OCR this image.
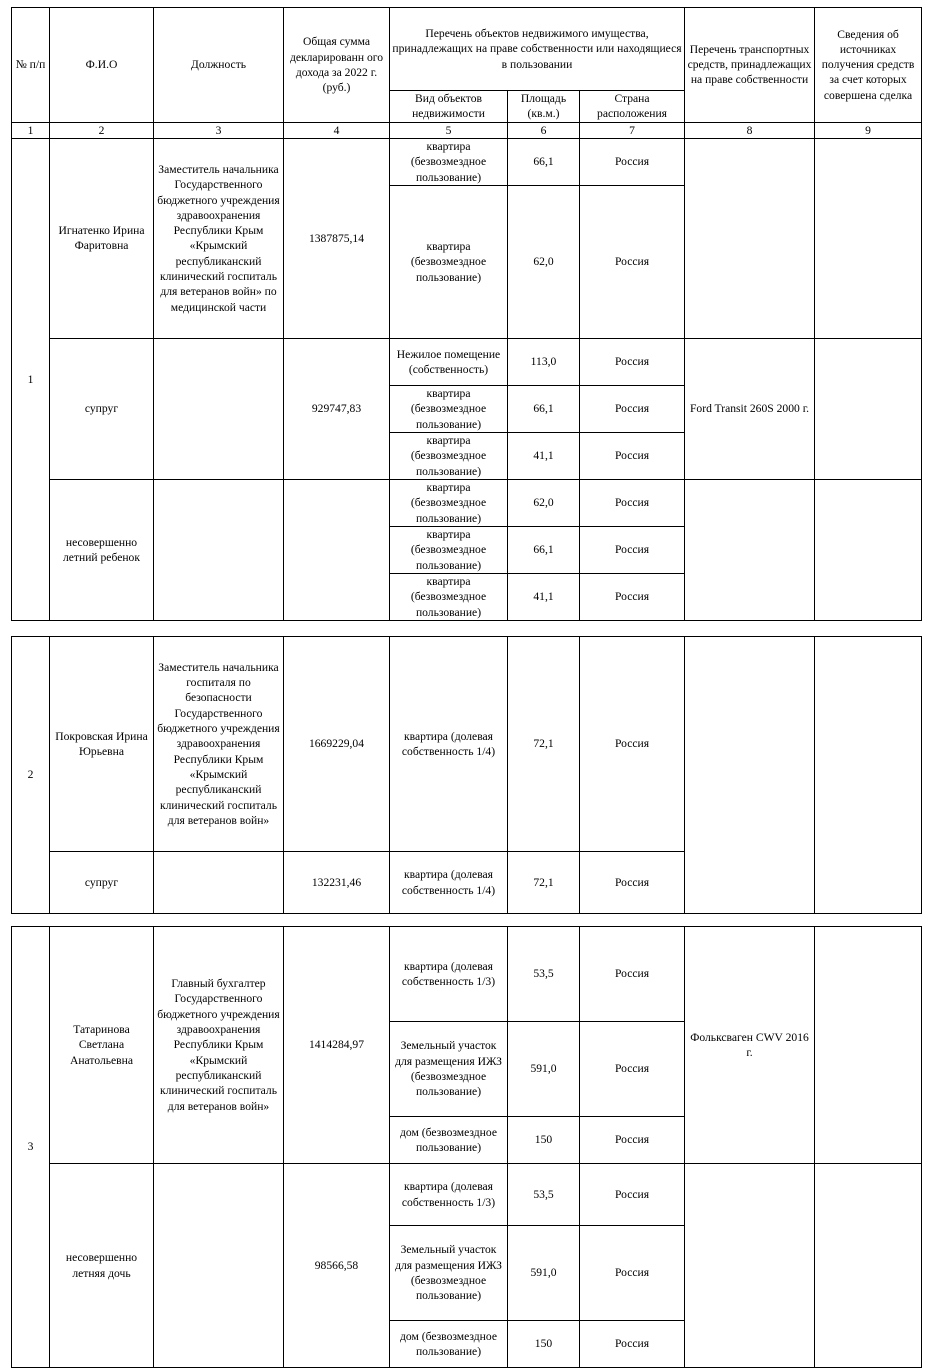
№ п/п	Ф.И.О	Должность	Общая сумма декларированн ого дохода за 2022 г. (руб.)	Перечень объектов недвижимого имущества, принадлежащих на праве собственности или находящиеся в пользовании			Перечень транспортных средств, принадлежащих на праве собственности	Сведения об источниках получения средств за счет которых совершена сделка
				Вид объектов недвижимости	Площадь (кв.м.)	Страна расположения		
1	2	3	4	5	6	7	8	9
1	Игнатенко Ирина Фаритовна	Заместитель начальника Государственного бюджетного учреждения здравоохранения Республики Крым «Крымский республиканский клинический госпиталь для ветеранов войн» по медицинской части	1387875,14	квартира (безвозмездное пользование)	66,1	Россия		
				квартира (безвозмездное пользование)	62,0	Россия		
	супруг		929747,83	Нежилое помещение (собственность)	113,0	Россия	Ford Transit 260S 2000 г.	
				квартира (безвозмездное пользование)	66,1	Россия		
				квартира (безвозмездное пользование)	41,1	Россия		
	несовершенно летний ребенок			квартира (безвозмездное пользование)	62,0	Россия		
				квартира (безвозмездное пользование)	66,1	Россия		
				квартира (безвозмездное пользование)	41,1	Россия		
2	Покровская Ирина Юрьевна	Заместитель начальника госпиталя по безопасности Государственного бюджетного учреждения здравоохранения Республики Крым «Крымский республиканский клинический госпиталь для ветеранов войн»	1669229,04	квартира (долевая собственность 1/4)	72,1	Россия		
	супруг		132231,46	квартира (долевая собственность 1/4)	72,1	Россия		
3	Татаринова Светлана Анатольевна	Главный бухгалтер Государственного бюджетного учреждения здравоохранения Республики Крым «Крымский республиканский клинический госпиталь для ветеранов войн»	1414284,97	квартира (долевая собственность 1/3)	53,5	Россия	Фольксваген CWV 2016 г.	
				Земельный участок для размещения ИЖЗ (безвозмездное пользование)	591,0	Россия		
				дом (безвозмездное пользование)	150	Россия		
	несовершенно летняя дочь		98566,58	квартира (долевая собственность 1/3)	53,5	Россия		
				Земельный участок для размещения ИЖЗ (безвозмездное пользование)	591,0	Россия		
				дом (безвозмездное пользование)	150	Россия		
